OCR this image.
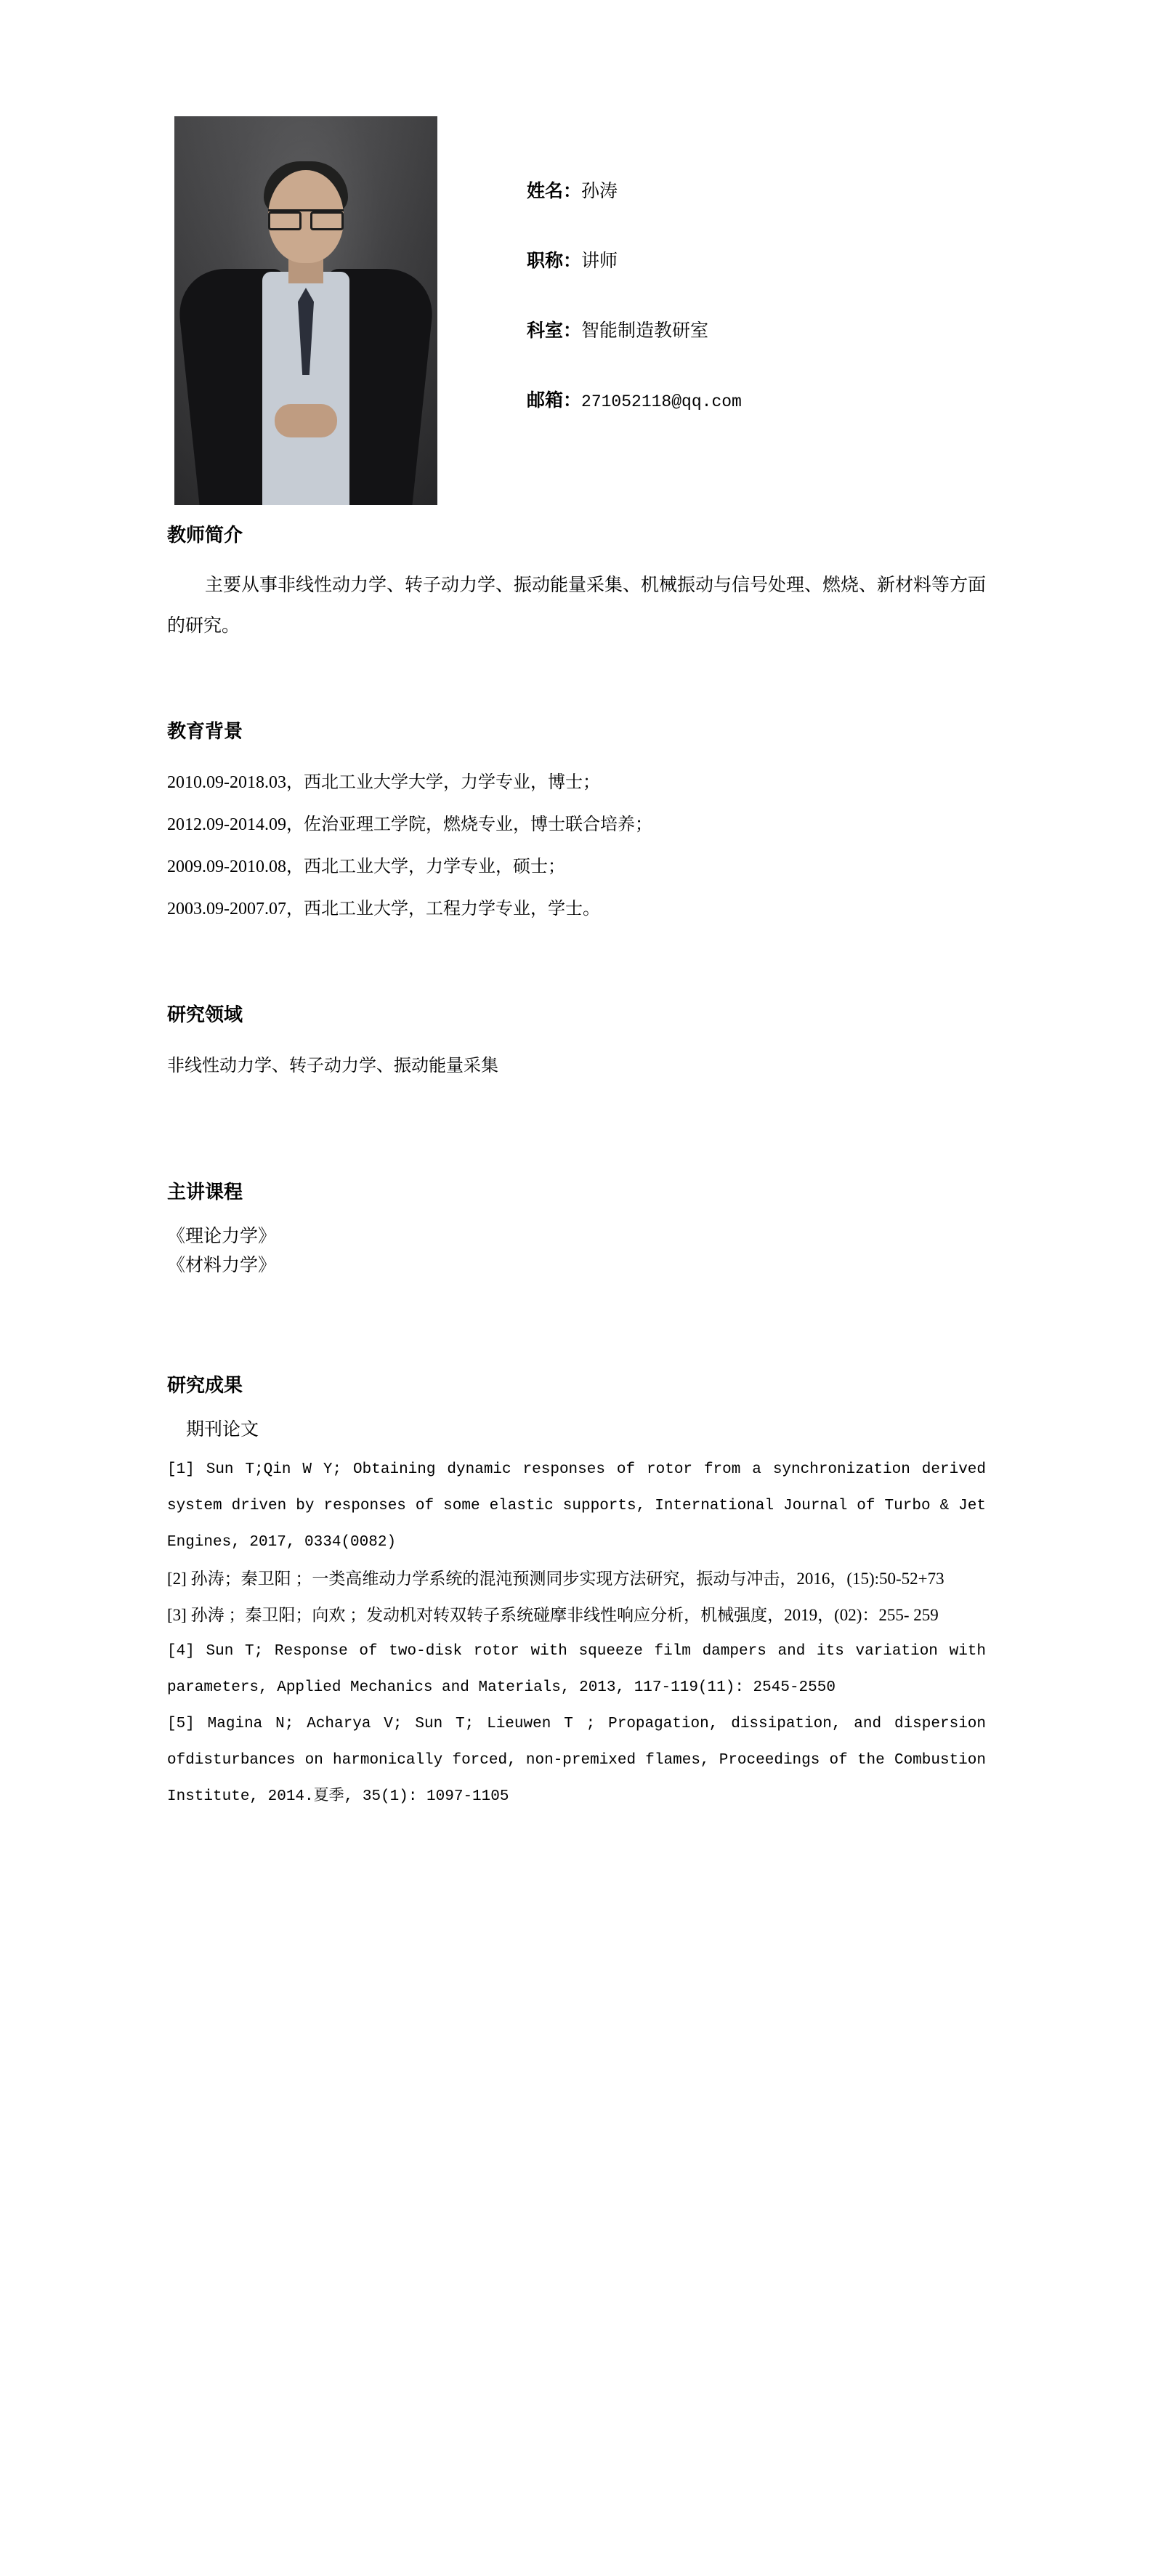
姓名：孙涛
职称：讲师
科室：智能制造教研室
邮箱：271052118@qq.com
教师简介

主要从事非线性动力学、转子动力学、振动能量采集、机械振动与信号处理、燃烧、新材料等方面的研究。

教育背景

2010.09-2018.03，西北工业大学大学，力学专业，博士；

2012.09-2014.09，佐治亚理工学院，燃烧专业，博士联合培养；

2009.09-2010.08，西北工业大学，力学专业，硕士；

2003.09-2007.07，西北工业大学，工程力学专业，学士。

研究领域

非线性动力学、转子动力学、振动能量采集

主讲课程

《理论力学》

《材料力学》

研究成果
期刊论文

[1] Sun T;Qin W Y; Obtaining dynamic responses of rotor from a synchronization derived system driven by responses of some elastic supports, International Journal of Turbo & Jet Engines, 2017, 0334(0082)

[2] 孙涛；秦卫阳 ；一类高维动力学系统的混沌预测同步实现方法研究，振动与冲击，2016，(15):50-52+73

[3] 孙涛 ；秦卫阳；向欢 ；发动机对转双转子系统碰摩非线性响应分析，机械强度，2019，(02)：255- 259

[4] Sun T; Response of two-disk rotor with squeeze film dampers and its variation with parameters, Applied Mechanics and Materials, 2013, 117-119(11): 2545-2550

[5] Magina N; Acharya V; Sun T; Lieuwen T ; Propagation, dissipation, and dispersion ofdisturbances on harmonically forced, non-premixed flames, Proceedings of the Combustion Institute, 2014.夏季, 35(1): 1097-1105
